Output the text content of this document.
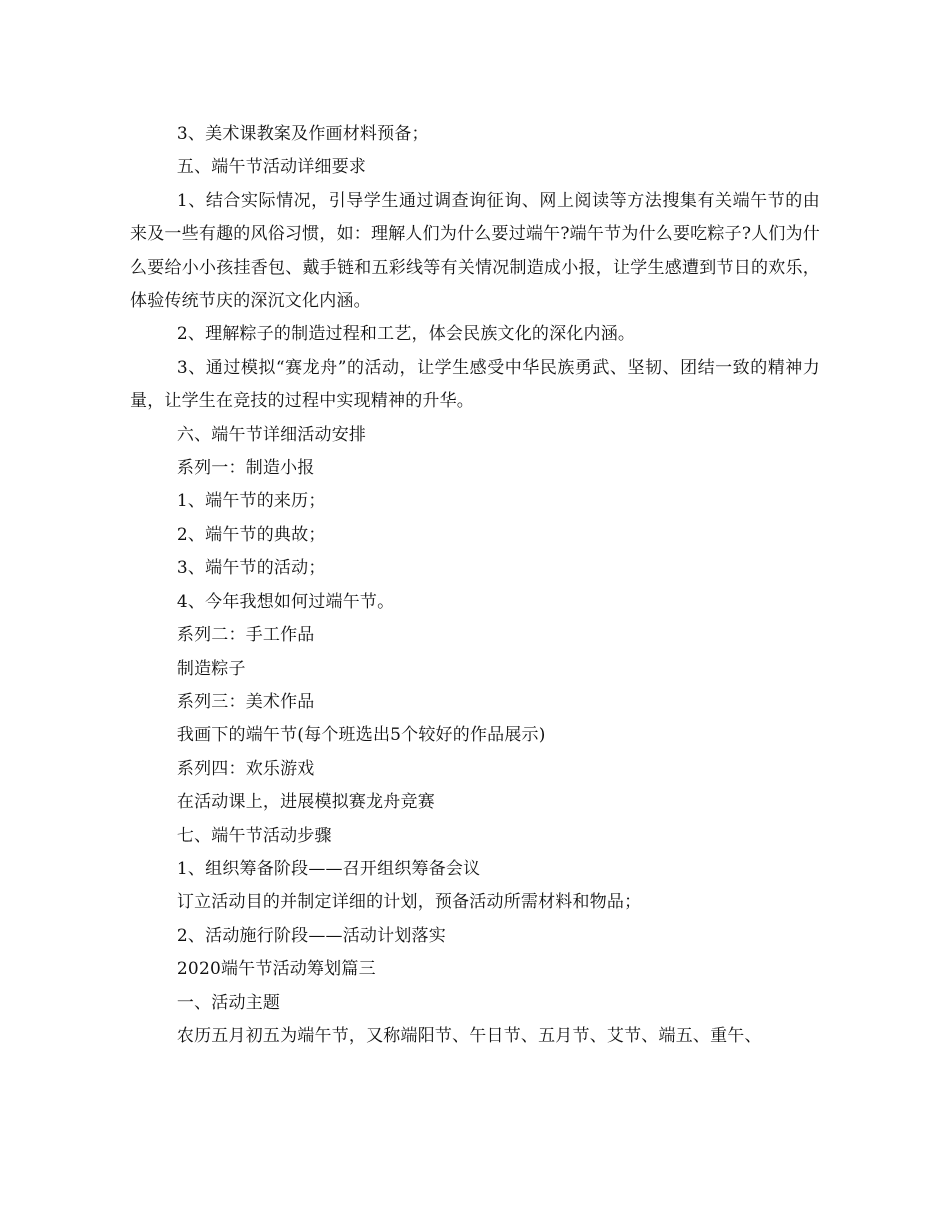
3、美术课教案及作画材料预备；

五、端午节活动详细要求

1、结合实际情况，引导学生通过调查询征询、网上阅读等方法搜集有关端午节的由来及一些有趣的风俗习惯，如：理解人们为什么要过端午?端午节为什么要吃粽子?人们为什么要给小小孩挂香包、戴手链和五彩线等有关情况制造成小报，让学生感遭到节日的欢乐，体验传统节庆的深沉文化内涵。

2、理解粽子的制造过程和工艺，体会民族文化的深化内涵。

3、通过模拟“赛龙舟”的活动，让学生感受中华民族勇武、坚韧、团结一致的精神力量，让学生在竞技的过程中实现精神的升华。

六、端午节详细活动安排

系列一：制造小报

1、端午节的来历；

2、端午节的典故；

3、端午节的活动；

4、今年我想如何过端午节。

系列二：手工作品

制造粽子

系列三：美术作品

我画下的端午节(每个班选出5个较好的作品展示)

系列四：欢乐游戏

在活动课上，进展模拟赛龙舟竞赛

七、端午节活动步骤

1、组织筹备阶段——召开组织筹备会议

订立活动目的并制定详细的计划，预备活动所需材料和物品；

2、活动施行阶段——活动计划落实

2020端午节活动筹划篇三

一、活动主题

农历五月初五为端午节，又称端阳节、午日节、五月节、艾节、端五、重午、
